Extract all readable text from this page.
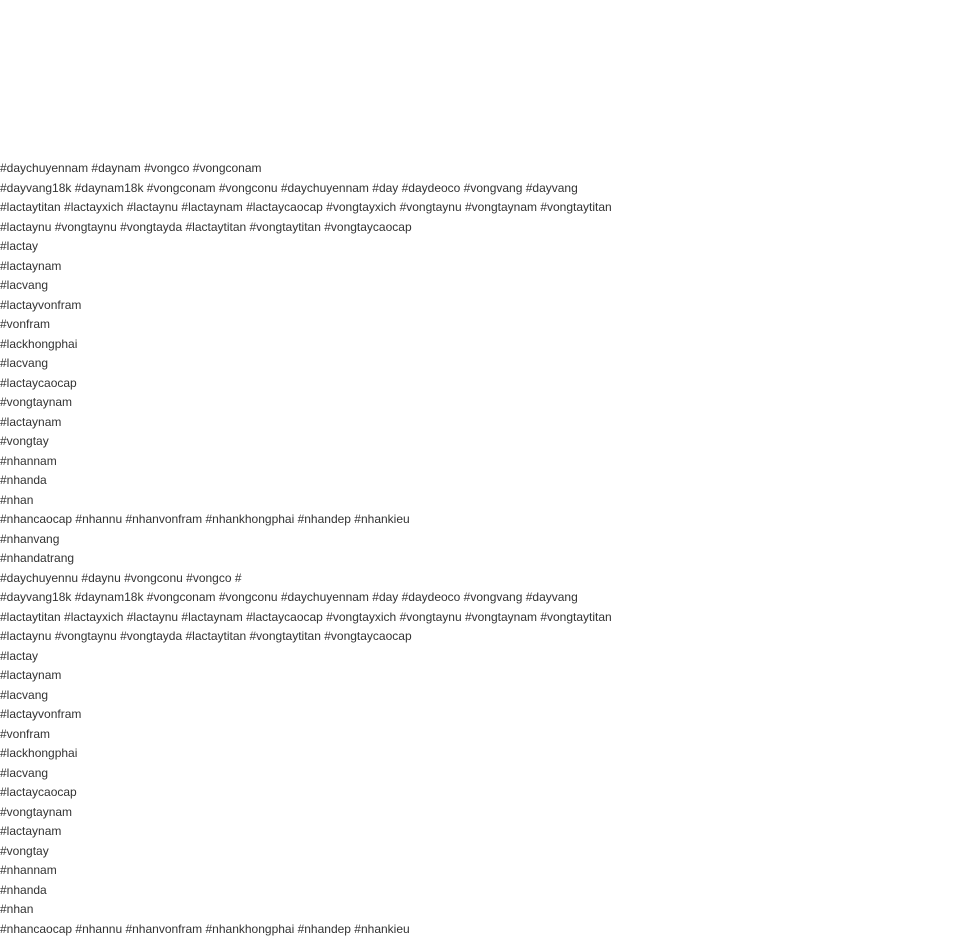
#daychuyennam #daynam #vongco #vongconam
#dayvang18k #daynam18k #vongconam #vongconu #daychuyennam #day #daydeoco #vongvang #dayvang
#lactaytitan #lactayxich #lactaynu #lactaynam #lactaycaocap #vongtayxich #vongtaynu #vongtaynam #vongtaytitan
#lactaynu #vongtaynu #vongtayda #lactaytitan #vongtaytitan #vongtaycaocap
#lactay
#lactaynam
#lacvang
#lactayvonfram
#vonfram
#lackhongphai
#lacvang
#lactaycaocap
#vongtaynam
#lactaynam
#vongtay
#nhannam
#nhanda
#nhan
#nhancaocap #nhannu #nhanvonfram #nhankhongphai #nhandep #nhankieu
#nhanvang
#nhandatrang
#daychuyennu #daynu #vongconu #vongco #
#dayvang18k #daynam18k #vongconam #vongconu #daychuyennam #day #daydeoco #vongvang #dayvang
#lactaytitan #lactayxich #lactaynu #lactaynam #lactaycaocap #vongtayxich #vongtaynu #vongtaynam #vongtaytitan
#lactaynu #vongtaynu #vongtayda #lactaytitan #vongtaytitan #vongtaycaocap
#lactay
#lactaynam
#lacvang
#lactayvonfram
#vonfram
#lackhongphai
#lacvang
#lactaycaocap
#vongtaynam
#lactaynam
#vongtay
#nhannam
#nhanda
#nhan
#nhancaocap #nhannu #nhanvonfram #nhankhongphai #nhandep #nhankieu
